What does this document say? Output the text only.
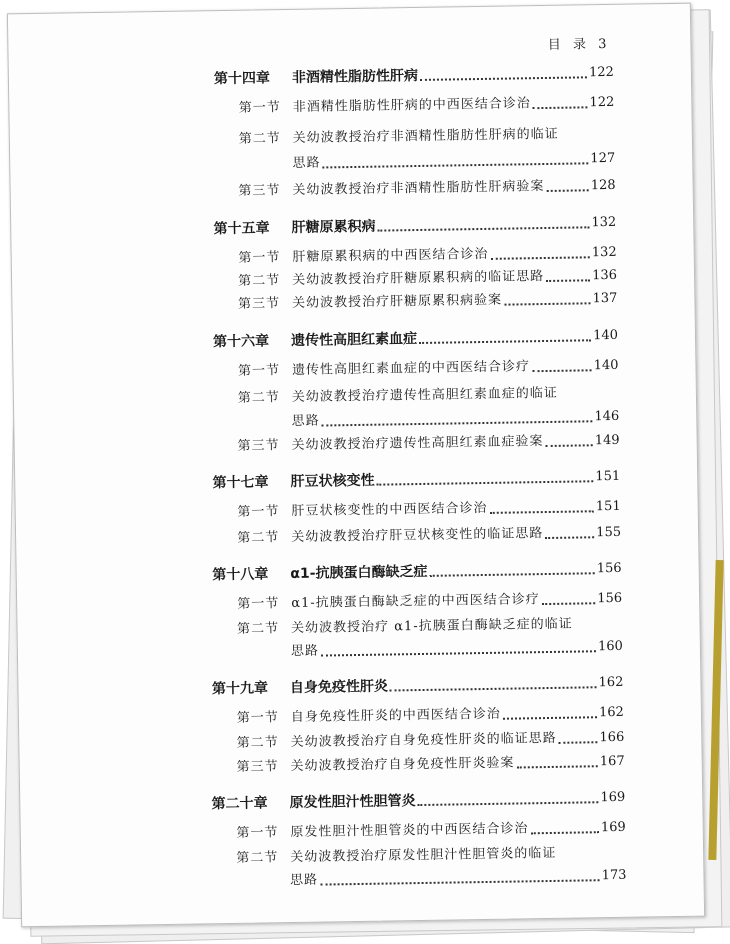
目 录 3
第十四章	非酒精性脂肪性肝病	122
第一节 非酒精性脂肪性肝病的中西医结合诊治	122
第二节 关幼波教授治疗非酒精性脂肪性肝病的临证
思路	127
第三节 关幼波教授治疗非酒精性脂肪性肝病验案	128
第十五章	肝糖原累积病	132
第一节 肝糖原累积病的中西医结合诊治	132
第二节 关幼波教授治疗肝糖原累积病的临证思路	136
第三节 关幼波教授治疗肝糖原累积病验案	137
第十六章	遗传性高胆红素血症	140
第一节 遗传性高胆红素血症的中西医结合诊疗	140
第二节 关幼波教授治疗遗传性高胆红素血症的临证
思路	146
第三节 关幼波教授治疗遗传性高胆红素血症验案	149
第十七章	肝豆状核变性	151
第一节 肝豆状核变性的中西医结合诊治	151
第二节 关幼波教授治疗肝豆状核变性的临证思路	155
第十八章	α1-抗胰蛋白酶缺乏症	156
第一节 α1-抗胰蛋白酶缺乏症的中西医结合诊疗	156
第二节 关幼波教授治疗 α1-抗胰蛋白酶缺乏症的临证
思路	160
第十九章	自身免疫性肝炎	162
第一节 自身免疫性肝炎的中西医结合诊治	162
第二节 关幼波教授治疗自身免疫性肝炎的临证思路	166
第三节 关幼波教授治疗自身免疫性肝炎验案	167
第二十章	原发性胆汁性胆管炎	169
第一节 原发性胆汁性胆管炎的中西医结合诊治	169
第二节 关幼波教授治疗原发性胆汁性胆管炎的临证
思路	173
